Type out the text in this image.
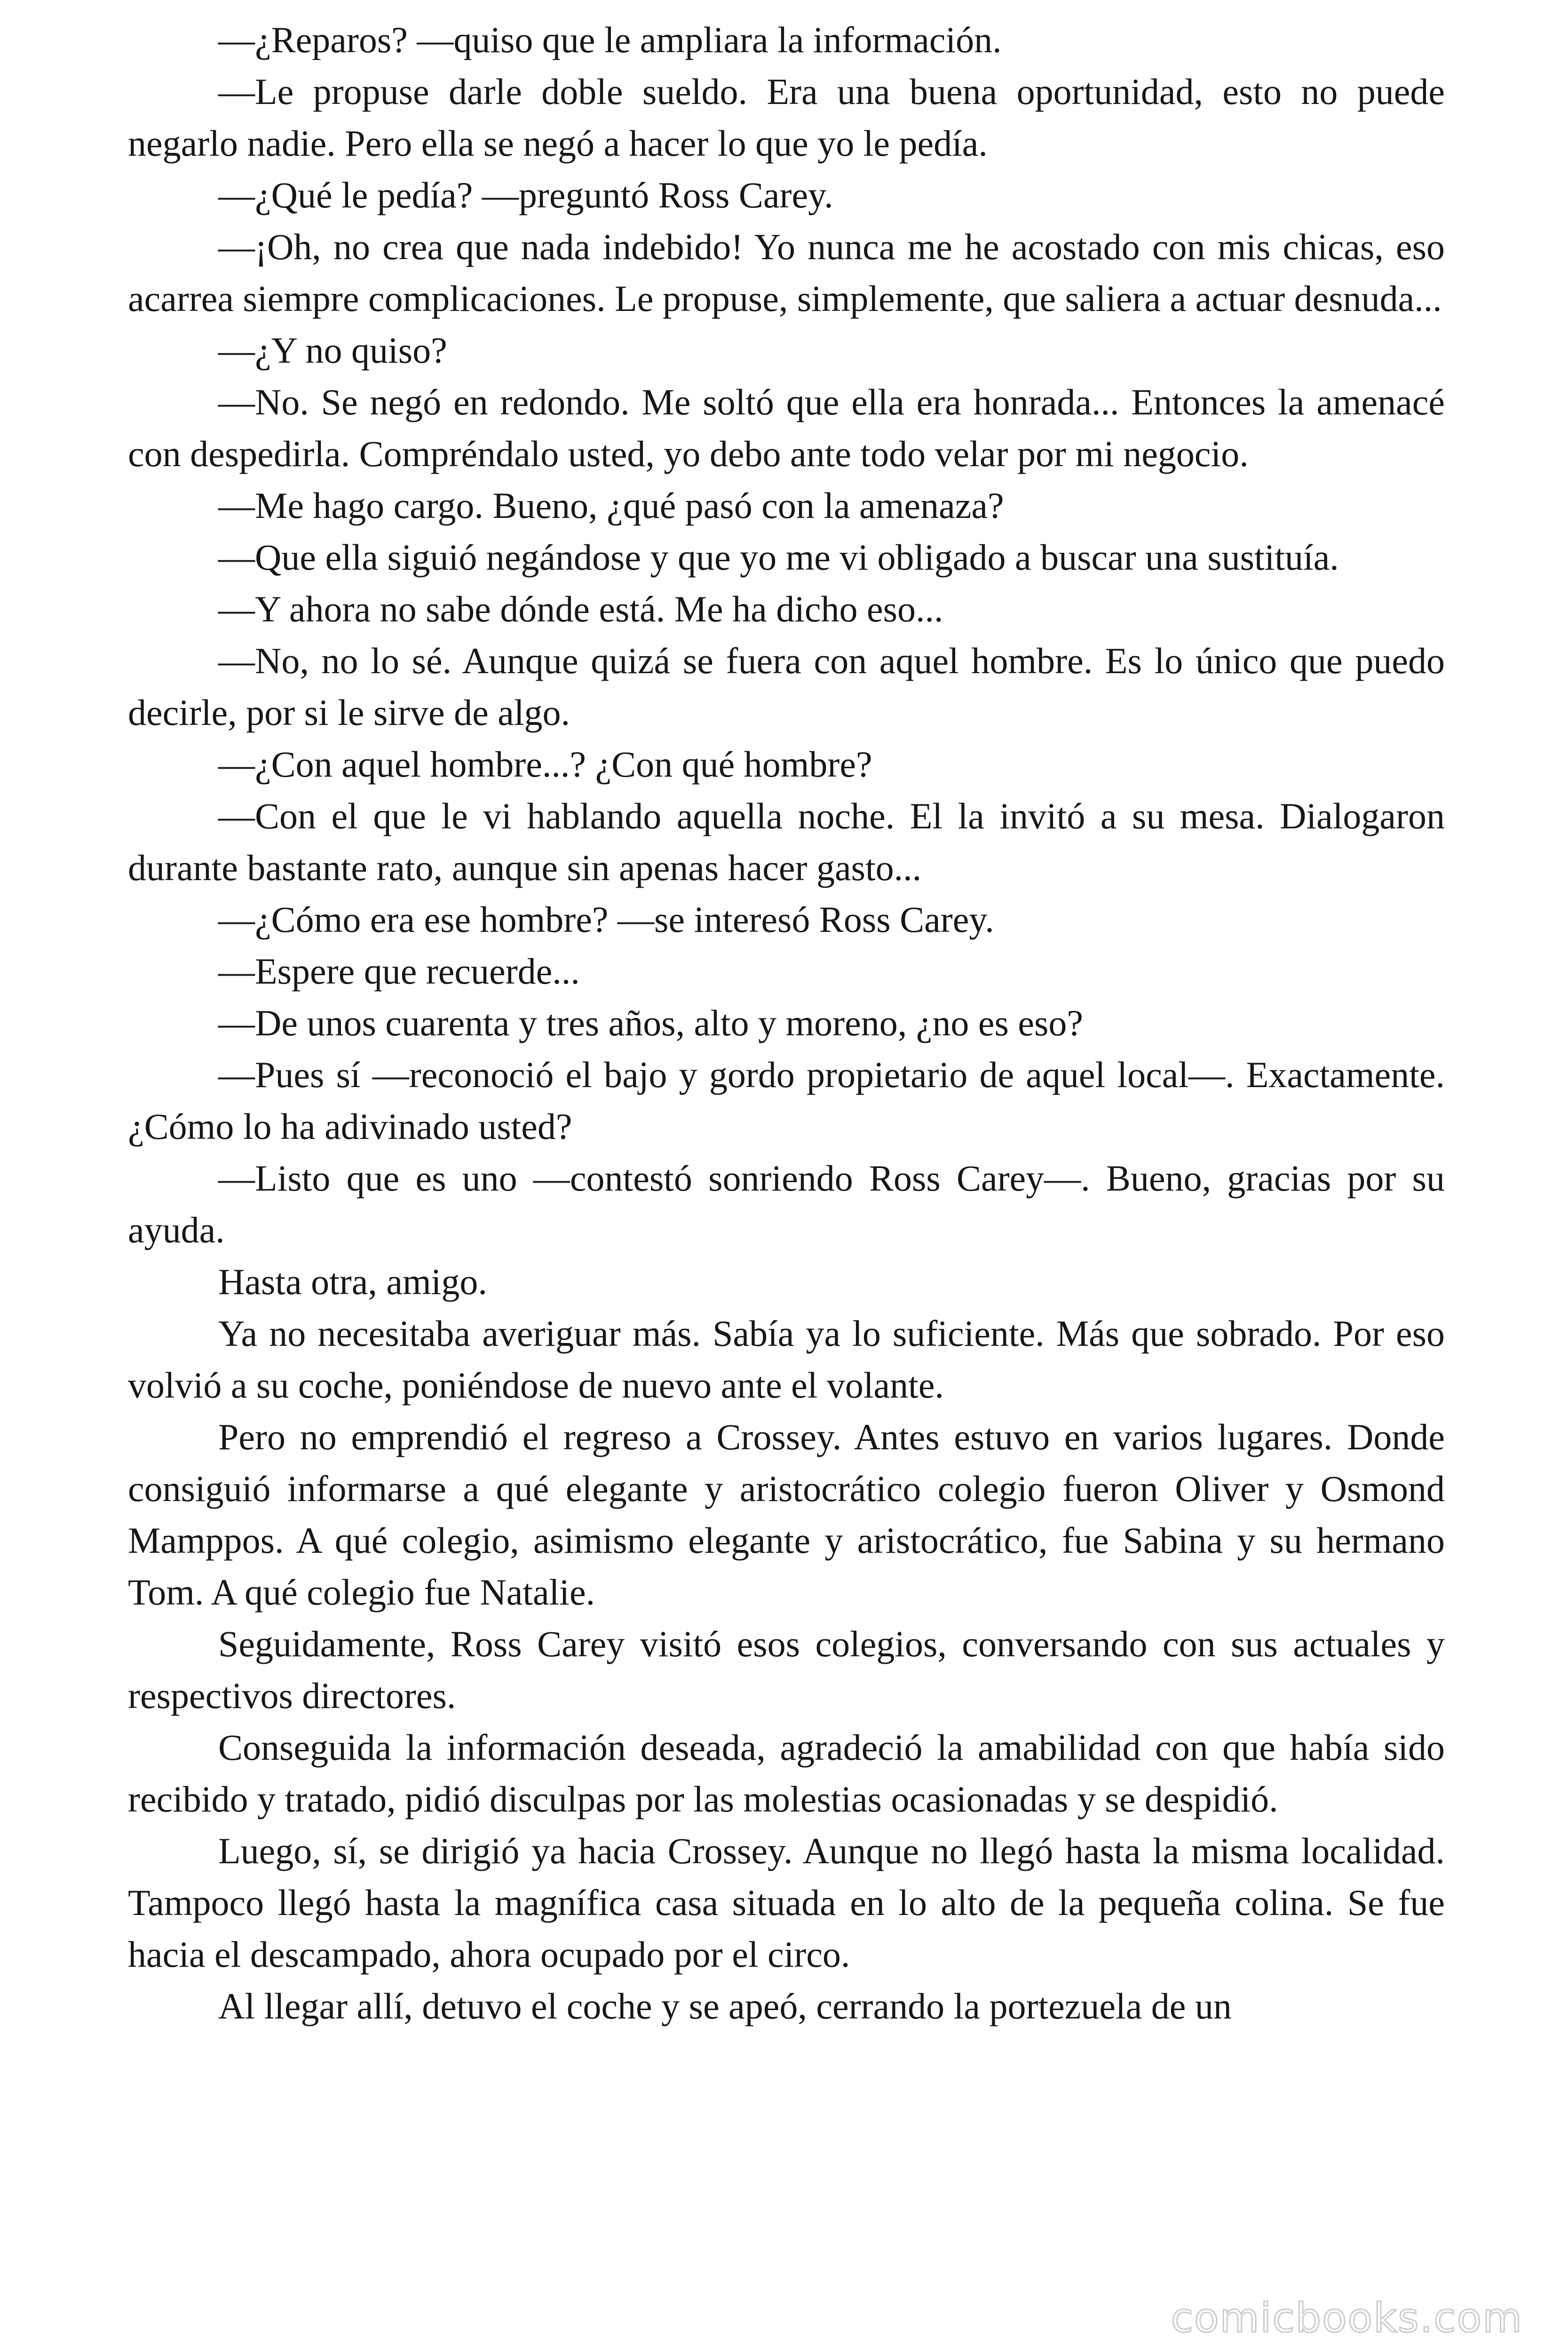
—¿Reparos? —quiso que le ampliara la información.

—Le propuse darle doble sueldo. Era una buena oportunidad, esto no puede negarlo nadie. Pero ella se negó a hacer lo que yo le pedía.

—¿Qué le pedía? —preguntó Ross Carey.

—¡Oh, no crea que nada indebido! Yo nunca me he acostado con mis chicas, eso acarrea siempre complicaciones. Le propuse, simplemente, que saliera a actuar desnuda...

—¿Y no quiso?

—No. Se negó en redondo. Me soltó que ella era honrada... Entonces la amenacé con despedirla. Compréndalo usted, yo debo ante todo velar por mi negocio.

—Me hago cargo. Bueno, ¿qué pasó con la amenaza?

—Que ella siguió negándose y que yo me vi obligado a buscar una sustituía.

—Y ahora no sabe dónde está. Me ha dicho eso...

—No, no lo sé. Aunque quizá se fuera con aquel hombre. Es lo único que puedo decirle, por si le sirve de algo.

—¿Con aquel hombre...? ¿Con qué hombre?

—Con el que le vi hablando aquella noche. El la invitó a su mesa. Dialogaron durante bastante rato, aunque sin apenas hacer gasto...

—¿Cómo era ese hombre? —se interesó Ross Carey.

—Espere que recuerde...

—De unos cuarenta y tres años, alto y moreno, ¿no es eso?

—Pues sí —reconoció el bajo y gordo propietario de aquel local—. Exactamente. ¿Cómo lo ha adivinado usted?

—Listo que es uno —contestó sonriendo Ross Carey—. Bueno, gracias por su ayuda.

Hasta otra, amigo.

Ya no necesitaba averiguar más. Sabía ya lo suficiente. Más que sobrado. Por eso volvió a su coche, poniéndose de nuevo ante el volante.

Pero no emprendió el regreso a Crossey. Antes estuvo en varios lugares. Donde consiguió informarse a qué elegante y aristocrático colegio fueron Oliver y Osmond Mamppos. A qué colegio, asimismo elegante y aristocrático, fue Sabina y su hermano Tom. A qué colegio fue Natalie.

Seguidamente, Ross Carey visitó esos colegios, conversando con sus actuales y respectivos directores.

Conseguida la información deseada, agradeció la amabilidad con que había sido recibido y tratado, pidió disculpas por las molestias ocasionadas y se despidió.

Luego, sí, se dirigió ya hacia Crossey. Aunque no llegó hasta la misma localidad. Tampoco llegó hasta la magnífica casa situada en lo alto de la pequeña colina. Se fue hacia el descampado, ahora ocupado por el circo.

Al llegar allí, detuvo el coche y se apeó, cerrando la portezuela de un

comicbooks.com
